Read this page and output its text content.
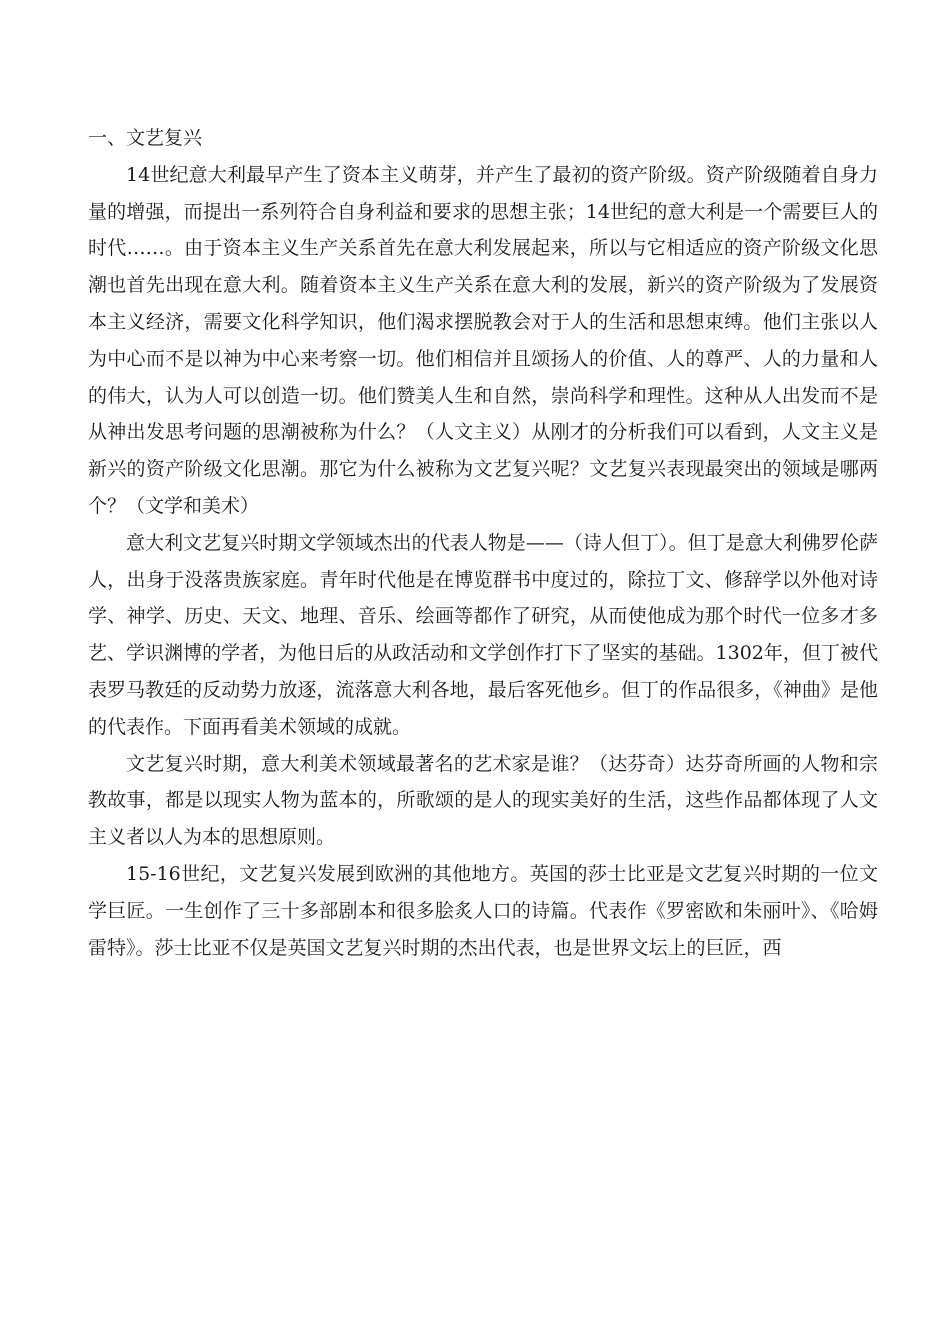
一、文艺复兴

14世纪意大利最早产生了资本主义萌芽，并产生了最初的资产阶级。资产阶级随着自身力量的增强，而提出一系列符合自身利益和要求的思想主张；14世纪的意大利是一个需要巨人的时代……。由于资本主义生产关系首先在意大利发展起来，所以与它相适应的资产阶级文化思潮也首先出现在意大利。随着资本主义生产关系在意大利的发展，新兴的资产阶级为了发展资本主义经济，需要文化科学知识，他们渴求摆脱教会对于人的生活和思想束缚。他们主张以人为中心而不是以神为中心来考察一切。他们相信并且颂扬人的价值、人的尊严、人的力量和人的伟大，认为人可以创造一切。他们赞美人生和自然，崇尚科学和理性。这种从人出发而不是从神出发思考问题的思潮被称为什么？（人文主义）从刚才的分析我们可以看到，人文主义是新兴的资产阶级文化思潮。那它为什么被称为文艺复兴呢？文艺复兴表现最突出的领域是哪两个？（文学和美术）

意大利文艺复兴时期文学领域杰出的代表人物是——（诗人但丁）。但丁是意大利佛罗伦萨人，出身于没落贵族家庭。青年时代他是在博览群书中度过的，除拉丁文、修辞学以外他对诗学、神学、历史、天文、地理、音乐、绘画等都作了研究，从而使他成为那个时代一位多才多艺、学识渊博的学者，为他日后的从政活动和文学创作打下了坚实的基础。1302年，但丁被代表罗马教廷的反动势力放逐，流落意大利各地，最后客死他乡。但丁的作品很多，《神曲》是他的代表作。下面再看美术领域的成就。

文艺复兴时期，意大利美术领域最著名的艺术家是谁？（达芬奇）达芬奇所画的人物和宗教故事，都是以现实人物为蓝本的，所歌颂的是人的现实美好的生活，这些作品都体现了人文主义者以人为本的思想原则。

15-16世纪，文艺复兴发展到欧洲的其他地方。英国的莎士比亚是文艺复兴时期的一位文学巨匠。一生创作了三十多部剧本和很多脍炙人口的诗篇。代表作《罗密欧和朱丽叶》、《哈姆雷特》。莎士比亚不仅是英国文艺复兴时期的杰出代表，也是世界文坛上的巨匠，西
